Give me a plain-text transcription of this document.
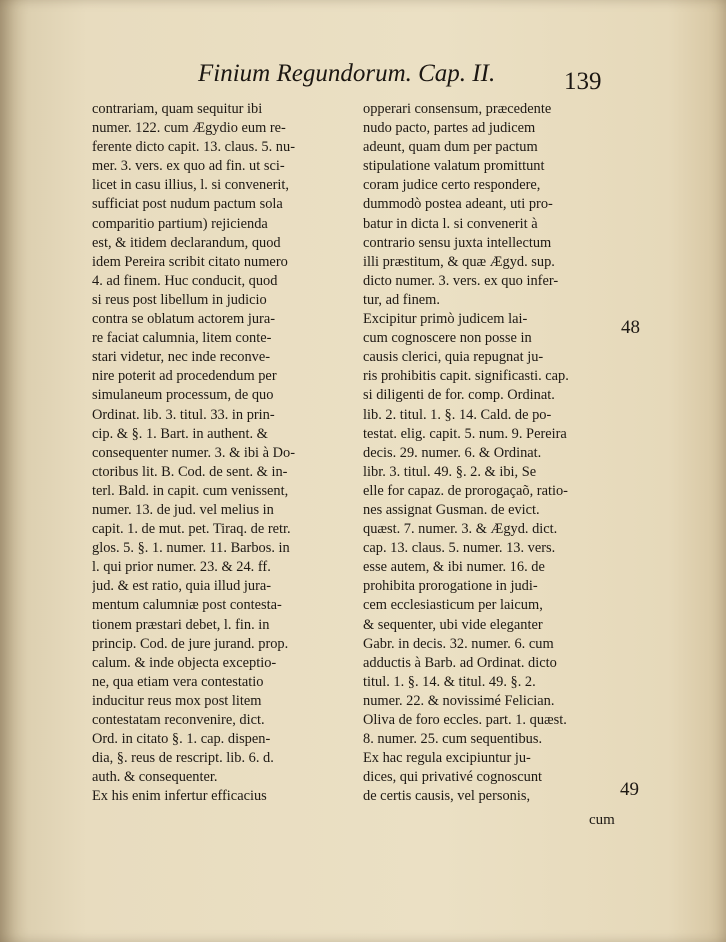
Finium Regundorum. Cap. II.	139
contrariam, quam sequitur ibi
numer. 122. cum Ægydio eum re-
ferente dicto capit. 13. claus. 5. nu-
mer. 3. vers. ex quo ad fin. ut sci-
licet in casu illius, l. si convenerit,
sufficiat post nudum pactum sola
comparitio partium) rejicienda
est, & itidem declarandum, quod
idem Pereira scribit citato numero
4. ad finem. Huc conducit, quod
si reus post libellum in judicio
contra se oblatum actorem jura-
re faciat calumnia, litem conte-
stari videtur, nec inde reconve-
nire poterit ad procedendum per
simulaneum processum, de quo
Ordinat. lib. 3. titul. 33. in prin-
cip. & §. 1. Bart. in authent. &
consequenter numer. 3. & ibi à Do-
ctoribus lit. B. Cod. de sent. & in-
terl. Bald. in capit. cum venissent,
numer. 13. de jud. vel melius in
capit. 1. de mut. pet. Tiraq. de retr.
glos. 5. §. 1. numer. 11. Barbos. in
l. qui prior numer. 23. & 24. ff.
jud. & est ratio, quia illud jura-
mentum calumniæ post contesta-
tionem præstari debet, l. fin. in
princip. Cod. de jure jurand. prop.
calum. & inde objecta exceptio-
ne, qua etiam vera contestatio
inducitur reus mox post litem
contestatam reconvenire, dict.
Ord. in citato §. 1. cap. dispen-
dia, §. reus de rescript. lib. 6. d.
auth. & consequenter.
Ex his enim infertur efficacius
opperari consensum, præcedente
nudo pacto, partes ad judicem
adeunt, quam dum per pactum
stipulatione valatum promittunt
coram judice certo respondere,
dummodò postea adeant, uti pro-
batur in dicta l. si convenerit à
contrario sensu juxta intellectum
illi præstitum, & quæ Ægyd. sup.
dicto numer. 3. vers. ex quo infer-
tur, ad finem.
Excipitur primò judicem lai-
cum cognoscere non posse in
causis clerici, quia repugnat ju-
ris prohibitis capit. significasti. cap.
si diligenti de for. comp. Ordinat.
lib. 2. titul. 1. §. 14. Cald. de po-
testat. elig. capit. 5. num. 9. Pereira
decis. 29. numer. 6. & Ordinat.
libr. 3. titul. 49. §. 2. & ibi, Se
elle for capaz. de prorogaçaõ, ratio-
nes assignat Gusman. de evict.
quæst. 7. numer. 3. & Ægyd. dict.
cap. 13. claus. 5. numer. 13. vers.
esse autem, & ibi numer. 16. de
prohibita prorogatione in judi-
cem ecclesiasticum per laicum,
& sequenter, ubi vide eleganter
Gabr. in decis. 32. numer. 6. cum
adductis à Barb. ad Ordinat. dicto
titul. 1. §. 14. & titul. 49. §. 2.
numer. 22. & novissimé Felician.
Oliva de foro eccles. part. 1. quæst.
8. numer. 25. cum sequentibus.
Ex hac regula excipiuntur ju-
dices, qui privativé cognoscunt
de certis causis, vel personis,
48
49
cum
